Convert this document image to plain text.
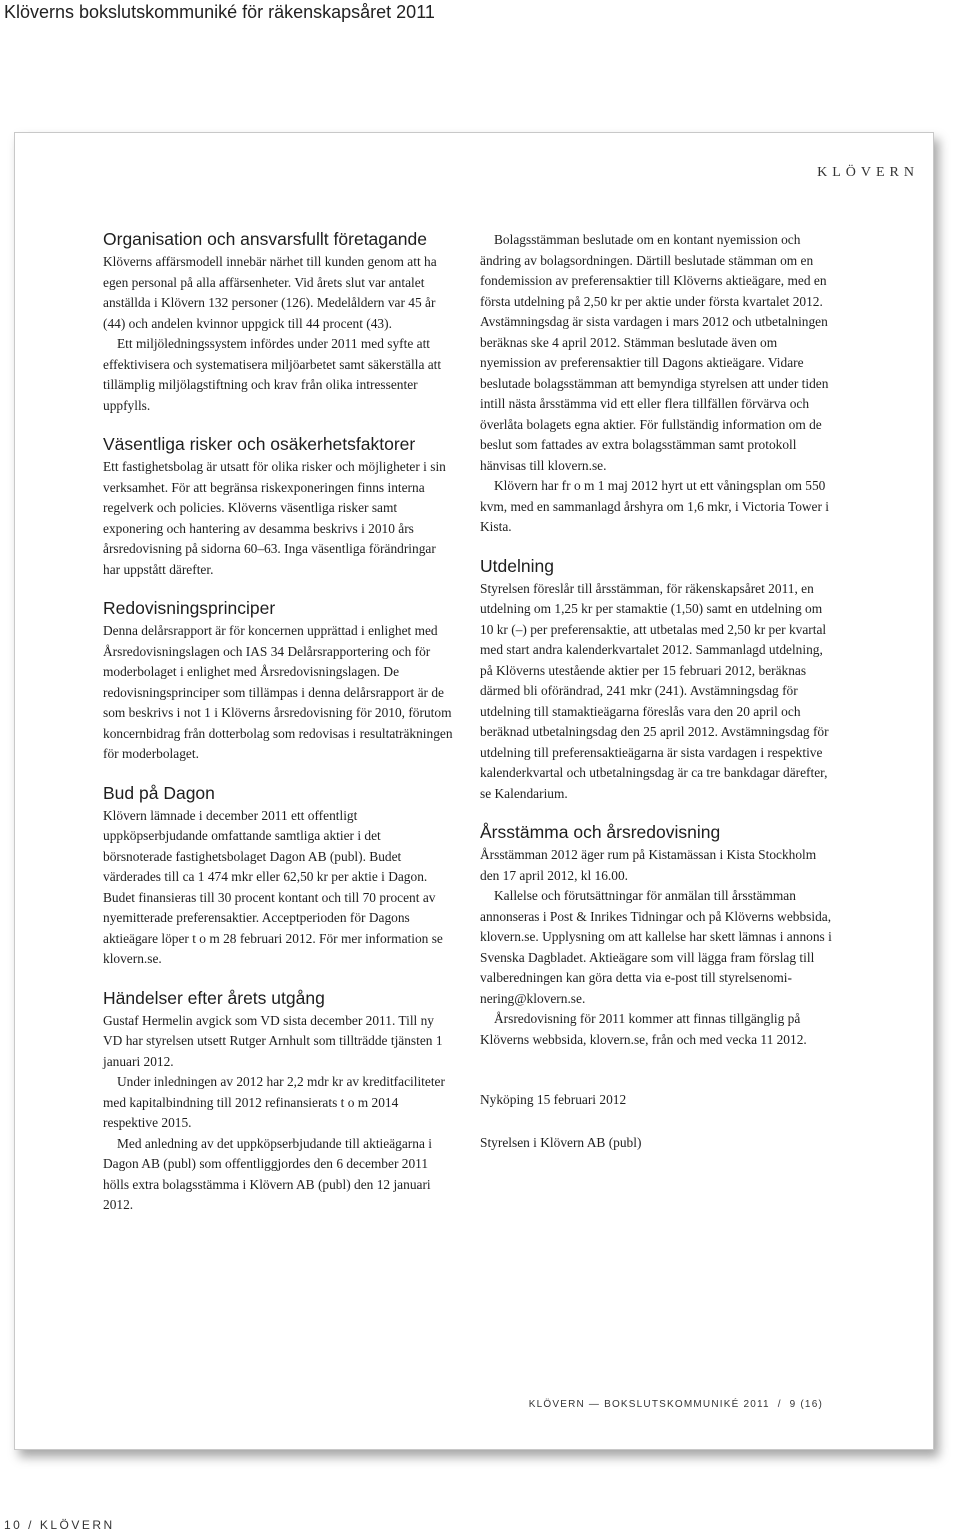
Klöverns bokslutskommuniké för räkenskapsåret 2011
KLÖVERN
Organisation och ansvarsfullt företagande

Klöverns affärsmodell innebär närhet till kunden genom att ha egen personal på alla affärsenheter. Vid årets slut var antalet anställda i Klövern 132 personer (126). Medelåldern var 45 år (44) och andelen kvinnor uppgick till 44 procent (43).

Ett miljöledningssystem infördes under 2011 med syfte att effektivisera och systematisera miljöarbetet samt säkerställa att tillämplig miljölagstiftning och krav från olika intressenter uppfylls.

Väsentliga risker och osäkerhetsfaktorer

Ett fastighetsbolag är utsatt för olika risker och möjligheter i sin verksamhet. För att begränsa riskexponeringen finns interna regelverk och policies. Klöverns väsentliga risker samt exponering och hantering av desamma beskrivs i 2010 års årsredovisning på sidorna 60–63. Inga väsentliga förändringar har uppstått därefter.

Redovisningsprinciper

Denna delårsrapport är för koncernen upprättad i enlighet med Årsredovisningslagen och IAS 34 Delårsrapportering och för moderbolaget i enlighet med Årsredovisningslagen. De redovisningsprinciper som tillämpas i denna delårsrapport är de som beskrivs i not 1 i Klöverns årsredovisning för 2010, förutom koncernbidrag från dotterbolag som redovisas i resultaträkningen för moderbolaget.

Bud på Dagon

Klövern lämnade i december 2011 ett offentligt uppköpserbjudande omfattande samtliga aktier i det börsnoterade fastighetsbolaget Dagon AB (publ). Budet värderades till ca 1 474 mkr eller 62,50 kr per aktie i Dagon. Budet finansieras till 30 procent kontant och till 70 procent av nyemitterade preferensaktier. Acceptperioden för Dagons aktieägare löper t o m 28 februari 2012. För mer information se klovern.se.

Händelser efter årets utgång

Gustaf Hermelin avgick som VD sista december 2011. Till ny VD har styrelsen utsett Rutger Arnhult som tillträdde tjänsten 1 januari 2012.

Under inledningen av 2012 har 2,2 mdr kr av kreditfaciliteter med kapitalbindning till 2012 refinansierats t o m 2014 respektive 2015.

Med anledning av det uppköpserbjudande till aktieägarna i Dagon AB (publ) som offentliggjordes den 6 december 2011 hölls extra bolagsstämma i Klövern AB (publ) den 12 januari 2012.

Bolagsstämman beslutade om en kontant nyemission och ändring av bolagsordningen. Därtill beslutade stämman om en fondemission av preferensaktier till Klöverns aktieägare, med en första utdelning på 2,50 kr per aktie under första kvartalet 2012. Avstämningsdag är sista vardagen i mars 2012 och utbetalningen beräknas ske 4 april 2012. Stämman beslutade även om nyemission av preferensaktier till Dagons aktieägare. Vidare beslutade bolagsstämman att bemyndiga styrelsen att under tiden intill nästa årsstämma vid ett eller flera tillfällen förvärva och överlåta bolagets egna aktier. För fullständig information om de beslut som fattades av extra bolagsstämman samt protokoll hänvisas till klovern.se.

Klövern har fr o m 1 maj 2012 hyrt ut ett våningsplan om 550 kvm, med en sammanlagd årshyra om 1,6 mkr, i Victoria Tower i Kista.

Utdelning

Styrelsen föreslår till årsstämman, för räkenskapsåret 2011, en utdelning om 1,25 kr per stamaktie (1,50) samt en utdelning om 10 kr (–) per preferensaktie, att utbetalas med 2,50 kr per kvartal med start andra kalenderkvartalet 2012. Sammanlagd utdelning, på Klöverns utestående aktier per 15 februari 2012, beräknas därmed bli oförändrad, 241 mkr (241). Avstämningsdag för utdelning till stamaktieägarna föreslås vara den 20 april och beräknad utbetalningsdag den 25 april 2012. Avstämningsdag för utdelning till preferensaktieägarna är sista vardagen i respektive kalenderkvartal och utbetalningsdag är ca tre bankdagar därefter, se Kalendarium.

Årsstämma och årsredovisning

Årsstämman 2012 äger rum på Kistamässan i Kista Stockholm den 17 april 2012, kl 16.00.

Kallelse och förutsättningar för anmälan till årsstämman annonseras i Post & Inrikes Tidningar och på Klöverns webbsida, klovern.se. Upplysning om att kallelse har skett lämnas i annons i Svenska Dagbladet. Aktieägare som vill lägga fram förslag till valberedningen kan göra detta via e-post till styrelsenomi-nering@klovern.se.

Årsredovisning för 2011 kommer att finnas tillgänglig på Klöverns webbsida, klovern.se, från och med vecka 11 2012.

Nyköping 15 februari 2012

Styrelsen i Klövern AB (publ)

KLÖVERN — BOKSLUTSKOMMUNIKÉ 2011  /  9 (16)
10 / KLÖVERN
